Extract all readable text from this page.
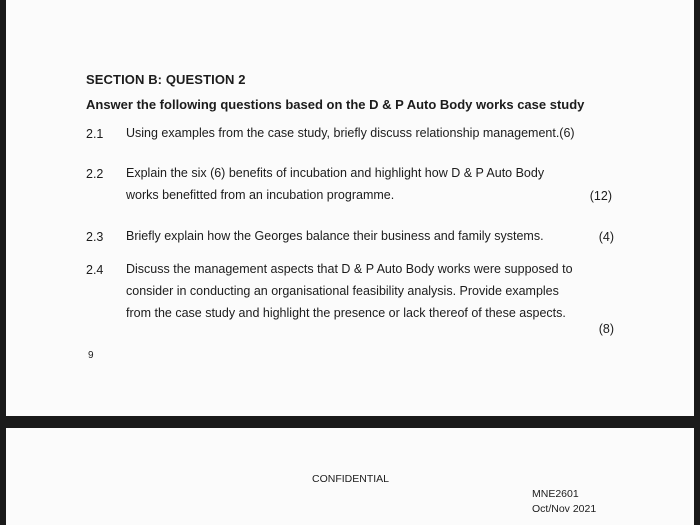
SECTION B: QUESTION 2
Answer the following questions based on the D & P Auto Body works case study
2.1 Using examples from the case study, briefly discuss relationship management.(6)
2.2 Explain the six (6) benefits of incubation and highlight how D & P Auto Body
works benefitted from an incubation programme.	(12)
2.3 Briefly explain how the Georges balance their business and family systems.	(4)
2.4 Discuss the management aspects that D & P Auto Body works were supposed to
consider in conducting an organisational feasibility analysis. Provide examples
from the case study and highlight the presence or lack thereof of these aspects.
(8)
9
CONFIDENTIAL
MNE2601
Oct/Nov 2021
